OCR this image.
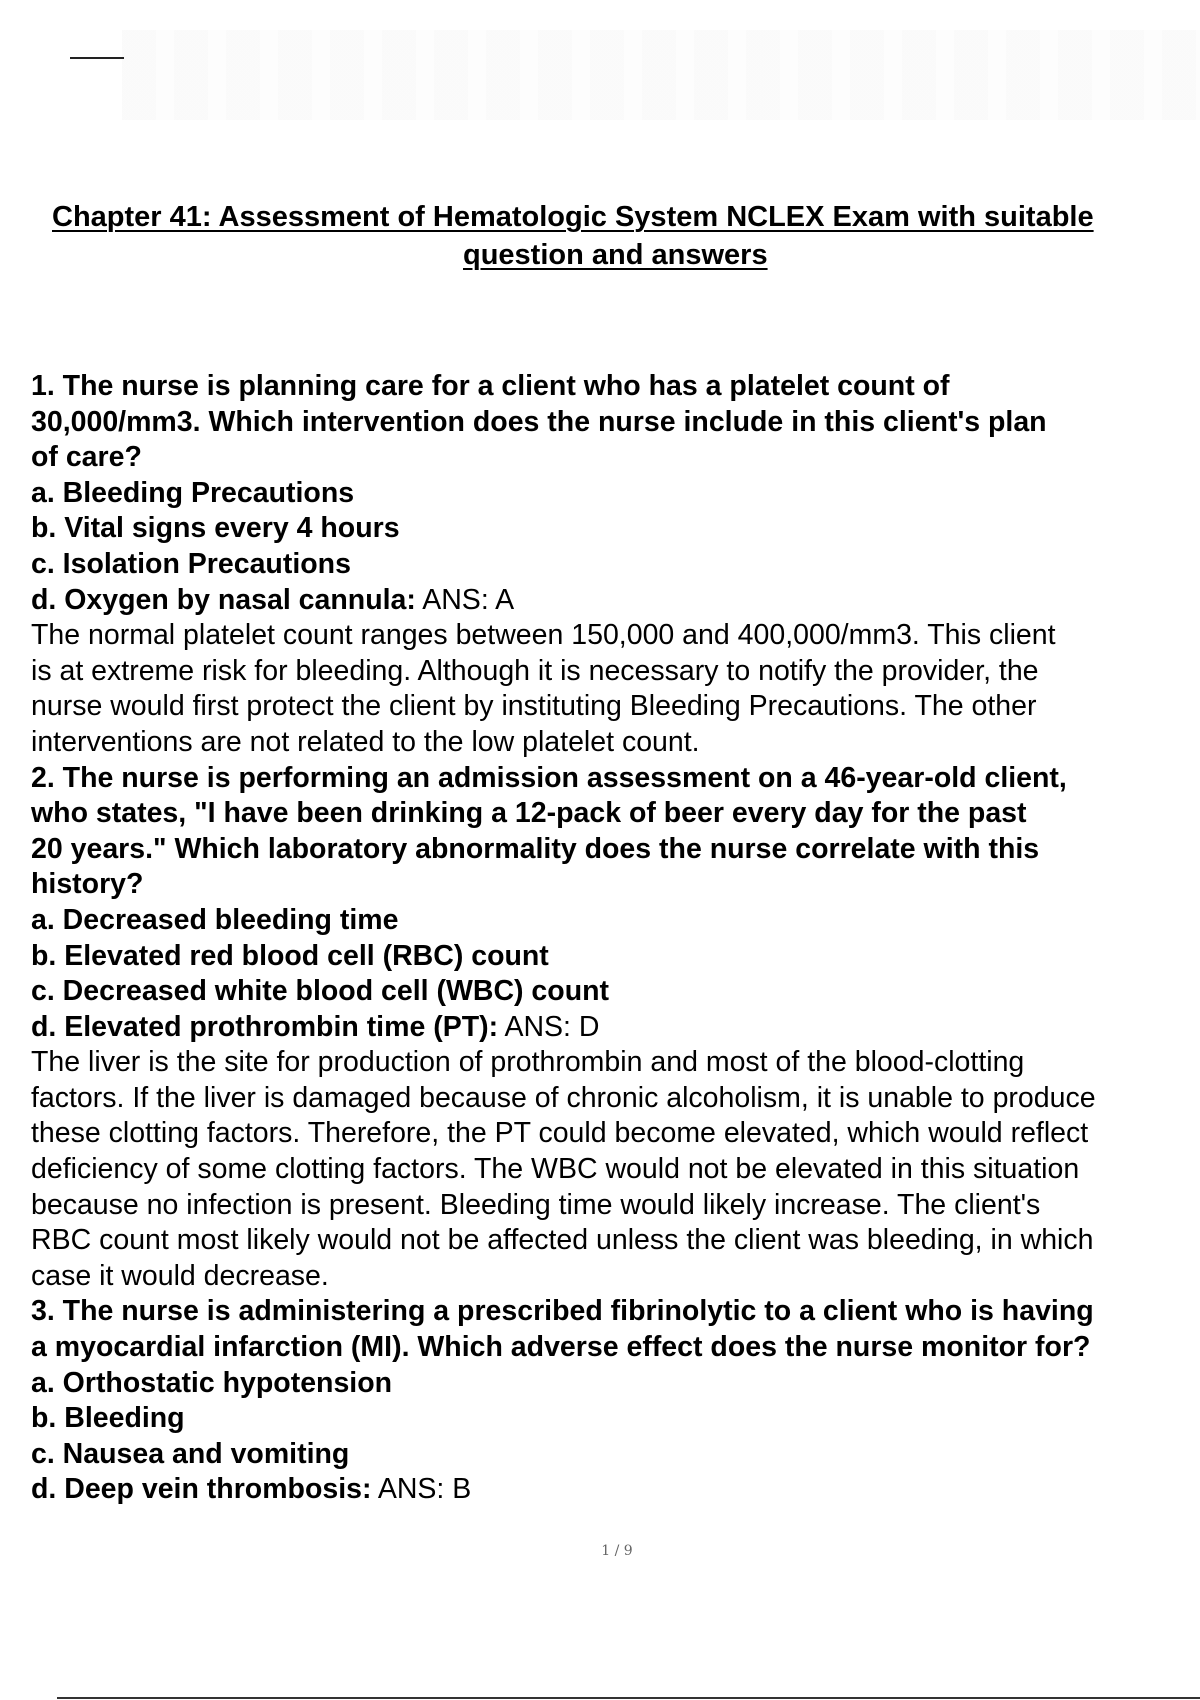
Chapter 41: Assessment of Hematologic System NCLEX Exam with suitable
question and answers
1. The nurse is planning care for a client who has a platelet count of
30,000/mm3. Which intervention does the nurse include in this client's plan
of care?
a. Bleeding Precautions
b. Vital signs every 4 hours
c. Isolation Precautions
d. Oxygen by nasal cannula: ANS: A
The normal platelet count ranges between 150,000 and 400,000/mm3. This client
is at extreme risk for bleeding. Although it is necessary to notify the provider, the
nurse would first protect the client by instituting Bleeding Precautions. The other
interventions are not related to the low platelet count.
2. The nurse is performing an admission assessment on a 46-year-old client,
who states, "I have been drinking a 12-pack of beer every day for the past
20 years." Which laboratory abnormality does the nurse correlate with this
history?
a. Decreased bleeding time
b. Elevated red blood cell (RBC) count
c. Decreased white blood cell (WBC) count
d. Elevated prothrombin time (PT): ANS: D
The liver is the site for production of prothrombin and most of the blood-clotting
factors. If the liver is damaged because of chronic alcoholism, it is unable to produce
these clotting factors. Therefore, the PT could become elevated, which would reflect
deficiency of some clotting factors. The WBC would not be elevated in this situation
because no infection is present. Bleeding time would likely increase. The client's
RBC count most likely would not be affected unless the client was bleeding, in which
case it would decrease.
3. The nurse is administering a prescribed fibrinolytic to a client who is having
a myocardial infarction (MI). Which adverse effect does the nurse monitor for?
a. Orthostatic hypotension
b. Bleeding
c. Nausea and vomiting
d. Deep vein thrombosis: ANS: B
1 / 9
